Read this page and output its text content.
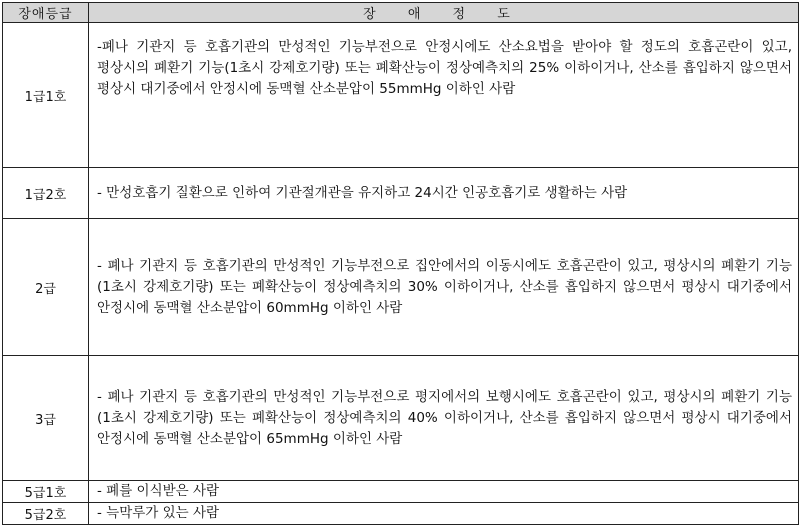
장애등급	장 애 정 도
1급1호	-폐나 기관지 등 호흡기관의 만성적인 기능부전으로 안정시에도 산소요법을 받아야 할 정도의 호흡곤란이 있고, 평상시의 폐환기 기능(1초시 강제호기량) 또는 폐확산능이 정상예측치의 25% 이하이거나, 산소를 흡입하지 않으면서 평상시 대기중에서 안정시에 동맥혈 산소분압이 55mmHg 이하인 사람
1급2호	- 만성호흡기 질환으로 인하여 기관절개관을 유지하고 24시간 인공호흡기로 생활하는 사람
2급	- 폐나 기관지 등 호흡기관의 만성적인 기능부전으로 집안에서의 이동시에도 호흡곤란이 있고, 평상시의 폐환기 기능(1초시 강제호기량) 또는 폐확산능이 정상예측치의 30% 이하이거나, 산소를 흡입하지 않으면서 평상시 대기중에서 안정시에 동맥혈 산소분압이 60mmHg 이하인 사람
3급	- 폐나 기관지 등 호흡기관의 만성적인 기능부전으로 평지에서의 보행시에도 호흡곤란이 있고, 평상시의 폐환기 기능(1초시 강제호기량) 또는 폐확산능이 정상예측치의 40% 이하이거나, 산소를 흡입하지 않으면서 평상시 대기중에서 안정시에 동맥혈 산소분압이 65mmHg 이하인 사람
5급1호	- 폐를 이식받은 사람
5급2호	- 늑막루가 있는 사람
